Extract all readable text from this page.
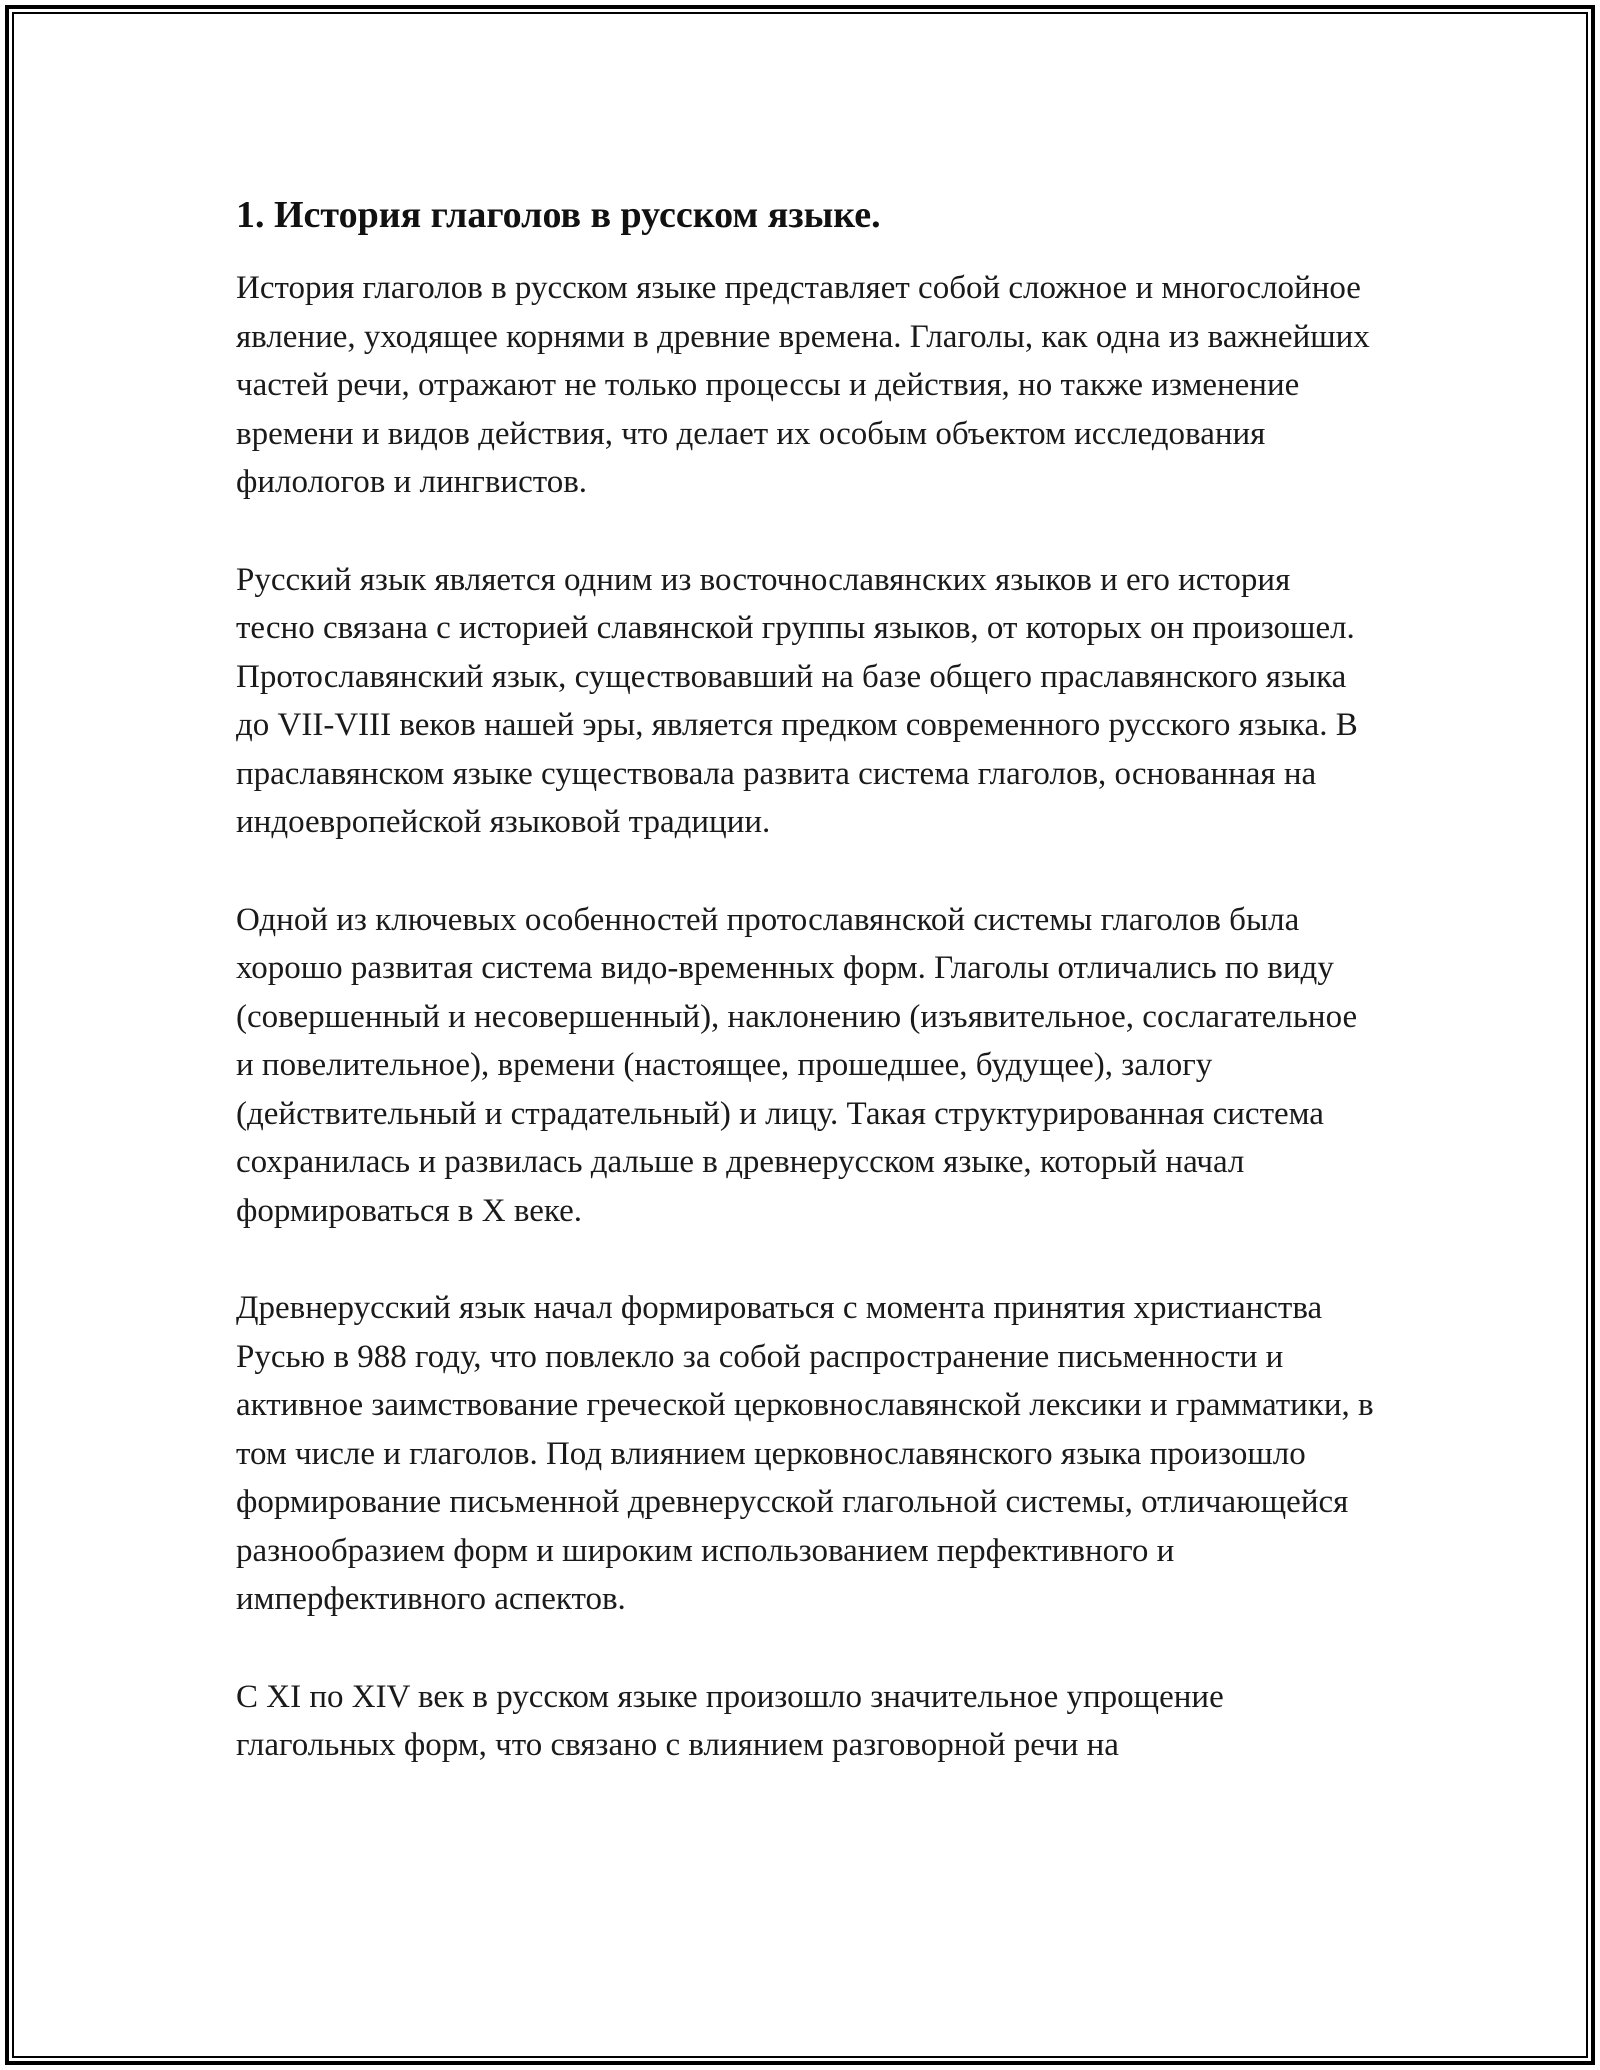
1. История глаголов в русском языке.

История глаголов в русском языке представляет собой сложное и многослойное явление, уходящее корнями в древние времена. Глаголы, как одна из важнейших частей речи, отражают не только процессы и действия, но также изменение времени и видов действия, что делает их особым объектом исследования филологов и лингвистов.

Русский язык является одним из восточнославянских языков и его история тесно связана с историей славянской группы языков, от которых он произошел. Протославянский язык, существовавший на базе общего праславянского языка до VII-VIII веков нашей эры, является предком современного русского языка. В праславянском языке существовала развита система глаголов, основанная на индоевропейской языковой традиции.

Одной из ключевых особенностей протославянской системы глаголов была хорошо развитая система видо-временных форм. Глаголы отличались по виду (совершенный и несовершенный), наклонению (изъявительное, сослагательное и повелительное), времени (настоящее, прошедшее, будущее), залогу (действительный и страдательный) и лицу. Такая структурированная система сохранилась и развилась дальше в древнерусском языке, который начал формироваться в X веке.

Древнерусский язык начал формироваться с момента принятия христианства Русью в 988 году, что повлекло за собой распространение письменности и активное заимствование греческой церковнославянской лексики и грамматики, в том числе и глаголов. Под влиянием церковнославянского языка произошло формирование письменной древнерусской глагольной системы, отличающейся разнообразием форм и широким использованием перфективного и имперфективного аспектов.

С XI по XIV век в русском языке произошло значительное упрощение глагольных форм, что связано с влиянием разговорной речи на
